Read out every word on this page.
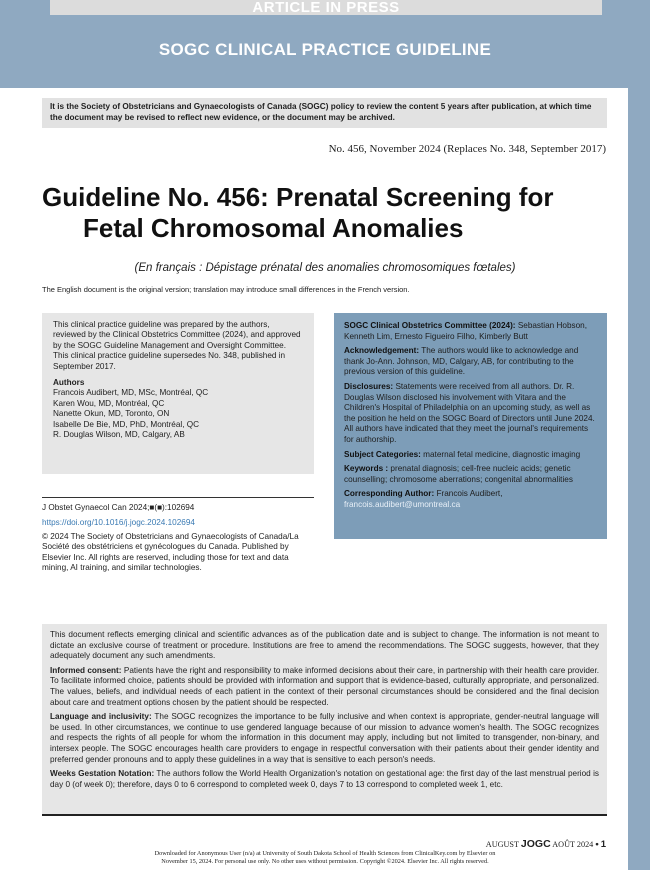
ARTICLE IN PRESS
SOGC CLINICAL PRACTICE GUIDELINE
It is the Society of Obstetricians and Gynaecologists of Canada (SOGC) policy to review the content 5 years after publication, at which time the document may be revised to reflect new evidence, or the document may be archived.
No. 456, November 2024 (Replaces No. 348, September 2017)
Guideline No. 456: Prenatal Screening for
Fetal Chromosomal Anomalies
(En français : Dépistage prénatal des anomalies chromosomiques fœtales)
The English document is the original version; translation may introduce small differences in the French version.

This clinical practice guideline was prepared by the authors, reviewed by the Clinical Obstetrics Committee (2024), and approved by the SOGC Guideline Management and Oversight Committee.

This clinical practice guideline supersedes No. 348, published in September 2017.

Authors

Francois Audibert, MD, MSc, Montréal, QC

Karen Wou, MD, Montréal, QC

Nanette Okun, MD, Toronto, ON

Isabelle De Bie, MD, PhD, Montréal, QC

R. Douglas Wilson, MD, Calgary, AB

J Obstet Gynaecol Can 2024;■(■):102694
https://doi.org/10.1016/j.jogc.2024.102694
© 2024 The Society of Obstetricians and Gynaecologists of Canada/La Société des obstétriciens et gynécologues du Canada. Published by Elsevier Inc. All rights are reserved, including those for text and data mining, AI training, and similar technologies.

SOGC Clinical Obstetrics Committee (2024): Sebastian Hobson, Kenneth Lim, Ernesto Figueiro Filho, Kimberly Butt

Acknowledgement: The authors would like to acknowledge and thank Jo-Ann. Johnson, MD, Calgary, AB, for contributing to the previous version of this guideline.

Disclosures: Statements were received from all authors. Dr. R. Douglas Wilson disclosed his involvement with Vitara and the Children's Hospital of Philadelphia on an upcoming study, as well as the position he held on the SOGC Board of Directors until June 2024. All authors have indicated that they meet the journal's requirements for authorship.

Subject Categories: maternal fetal medicine, diagnostic imaging

Keywords : prenatal diagnosis; cell-free nucleic acids; genetic counselling; chromosome aberrations; congenital abnormalities

Corresponding Author: Francois Audibert,
francois.audibert@umontreal.ca

This document reflects emerging clinical and scientific advances as of the publication date and is subject to change. The information is not meant to dictate an exclusive course of treatment or procedure. Institutions are free to amend the recommendations. The SOGC suggests, however, that they adequately document any such amendments.

Informed consent: Patients have the right and responsibility to make informed decisions about their care, in partnership with their health care provider. To facilitate informed choice, patients should be provided with information and support that is evidence-based, culturally appropriate, and personalized. The values, beliefs, and individual needs of each patient in the context of their personal circumstances should be considered and the final decision about care and treatment options chosen by the patient should be respected.

Language and inclusivity: The SOGC recognizes the importance to be fully inclusive and when context is appropriate, gender-neutral language will be used. In other circumstances, we continue to use gendered language because of our mission to advance women's health. The SOGC recognizes and respects the rights of all people for whom the information in this document may apply, including but not limited to transgender, non-binary, and intersex people. The SOGC encourages health care providers to engage in respectful conversation with their patients about their gender identity and preferred gender pronouns and to apply these guidelines in a way that is sensitive to each person's needs.

Weeks Gestation Notation: The authors follow the World Health Organization's notation on gestational age: the first day of the last menstrual period is day 0 (of week 0); therefore, days 0 to 6 correspond to completed week 0, days 7 to 13 correspond to completed week 1, etc.

AUGUST JOGC AOÛT 2024 • 1
Downloaded for Anonymous User (n/a) at University of South Dakota School of Health Sciences from ClinicalKey.com by Elsevier on
November 15, 2024. For personal use only. No other uses without permission. Copyright ©2024. Elsevier Inc. All rights reserved.
